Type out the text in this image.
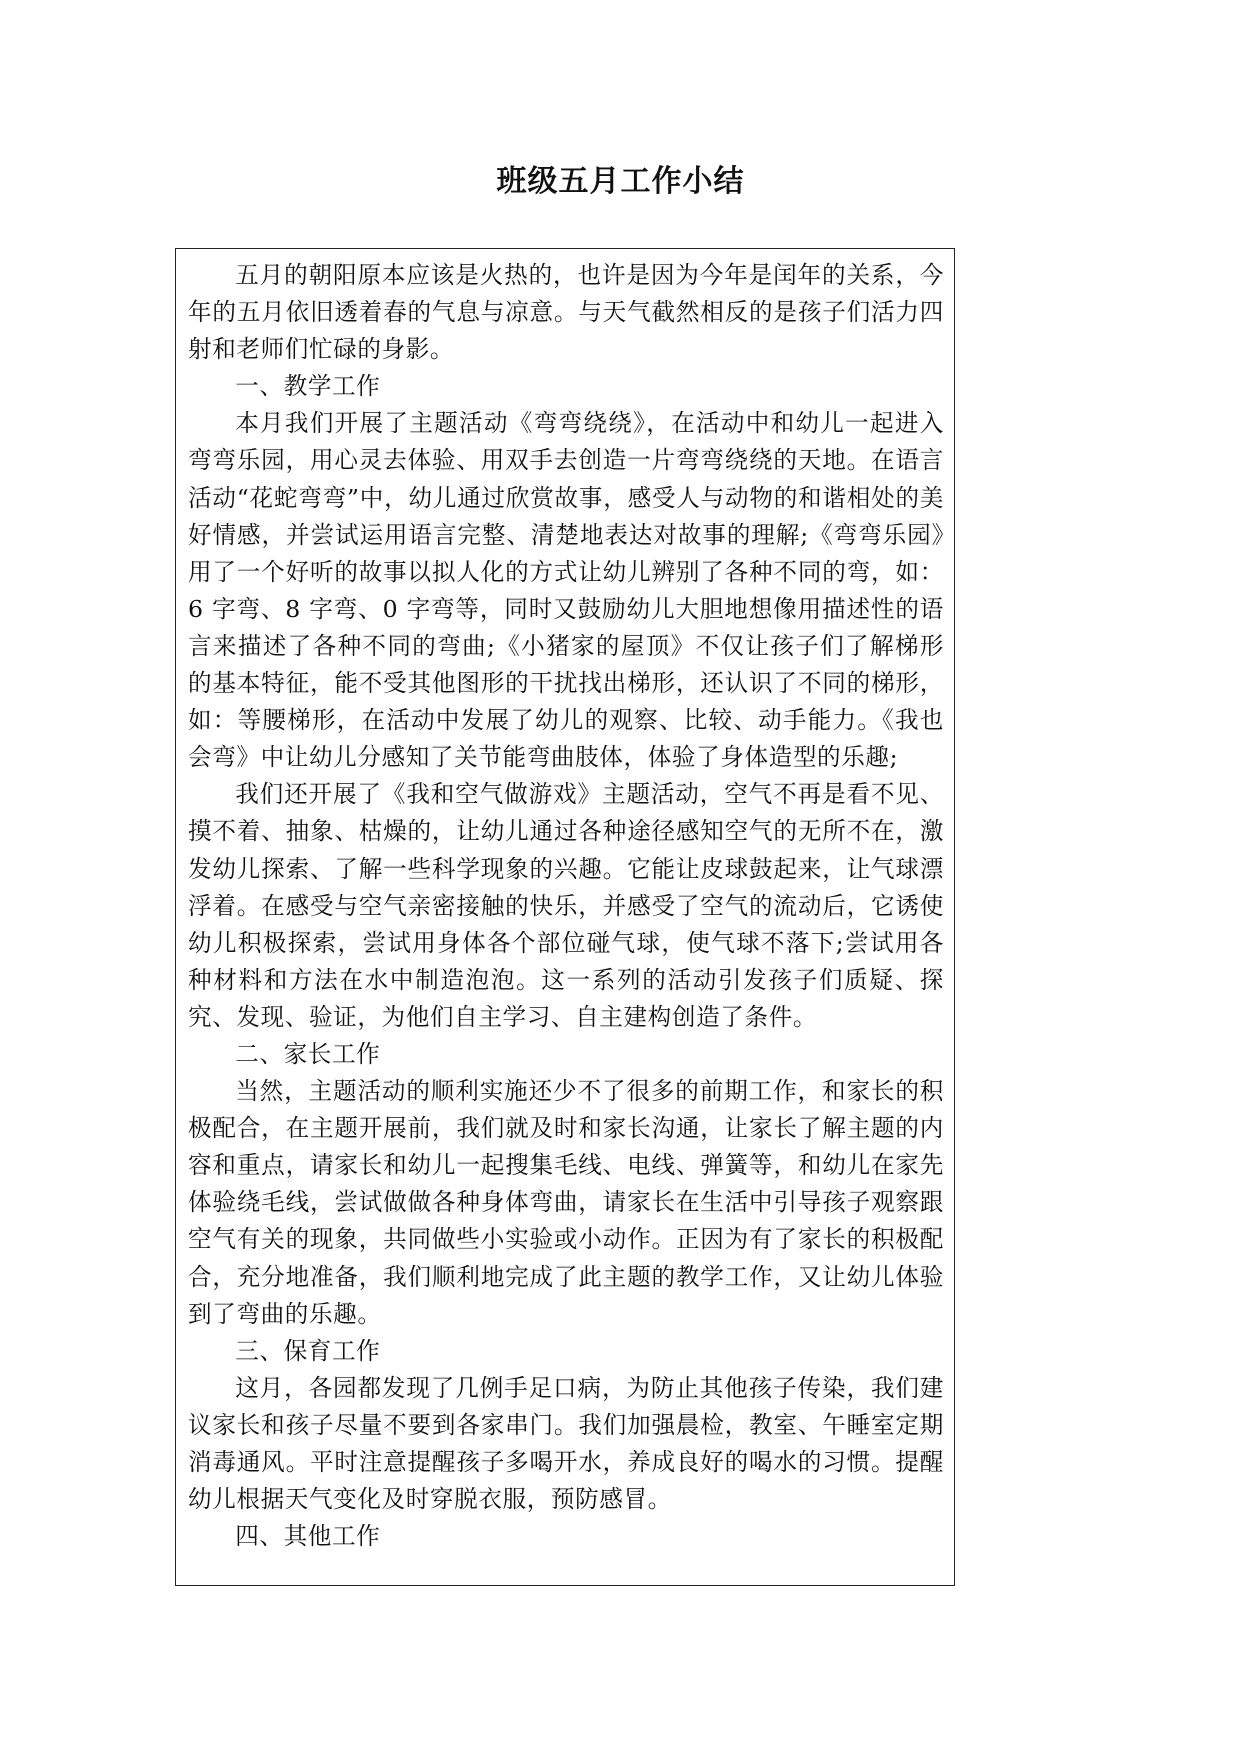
班级五月工作小结

五月的朝阳原本应该是火热的，也许是因为今年是闰年的关系，今年的五月依旧透着春的气息与凉意。与天气截然相反的是孩子们活力四射和老师们忙碌的身影。

一、教学工作

本月我们开展了主题活动《弯弯绕绕》，在活动中和幼儿一起进入弯弯乐园，用心灵去体验、用双手去创造一片弯弯绕绕的天地。在语言活动“花蛇弯弯”中，幼儿通过欣赏故事，感受人与动物的和谐相处的美好情感，并尝试运用语言完整、清楚地表达对故事的理解;《弯弯乐园》用了一个好听的故事以拟人化的方式让幼儿辨别了各种不同的弯，如：6 字弯、8 字弯、0 字弯等，同时又鼓励幼儿大胆地想像用描述性的语言来描述了各种不同的弯曲;《小猪家的屋顶》不仅让孩子们了解梯形的基本特征，能不受其他图形的干扰找出梯形，还认识了不同的梯形，如：等腰梯形，在活动中发展了幼儿的观察、比较、动手能力。《我也会弯》中让幼儿分感知了关节能弯曲肢体，体验了身体造型的乐趣;

我们还开展了《我和空气做游戏》主题活动，空气不再是看不见、摸不着、抽象、枯燥的，让幼儿通过各种途径感知空气的无所不在，激发幼儿探索、了解一些科学现象的兴趣。它能让皮球鼓起来，让气球漂浮着。在感受与空气亲密接触的快乐，并感受了空气的流动后，它诱使幼儿积极探索，尝试用身体各个部位碰气球，使气球不落下;尝试用各种材料和方法在水中制造泡泡。这一系列的活动引发孩子们质疑、探究、发现、验证，为他们自主学习、自主建构创造了条件。

二、家长工作

当然，主题活动的顺利实施还少不了很多的前期工作，和家长的积极配合，在主题开展前，我们就及时和家长沟通，让家长了解主题的内容和重点，请家长和幼儿一起搜集毛线、电线、弹簧等，和幼儿在家先体验绕毛线，尝试做做各种身体弯曲，请家长在生活中引导孩子观察跟空气有关的现象，共同做些小实验或小动作。正因为有了家长的积极配合，充分地准备，我们顺利地完成了此主题的教学工作，又让幼儿体验到了弯曲的乐趣。

三、保育工作

这月，各园都发现了几例手足口病，为防止其他孩子传染，我们建议家长和孩子尽量不要到各家串门。我们加强晨检，教室、午睡室定期消毒通风。平时注意提醒孩子多喝开水，养成良好的喝水的习惯。提醒幼儿根据天气变化及时穿脱衣服，预防感冒。

四、其他工作
